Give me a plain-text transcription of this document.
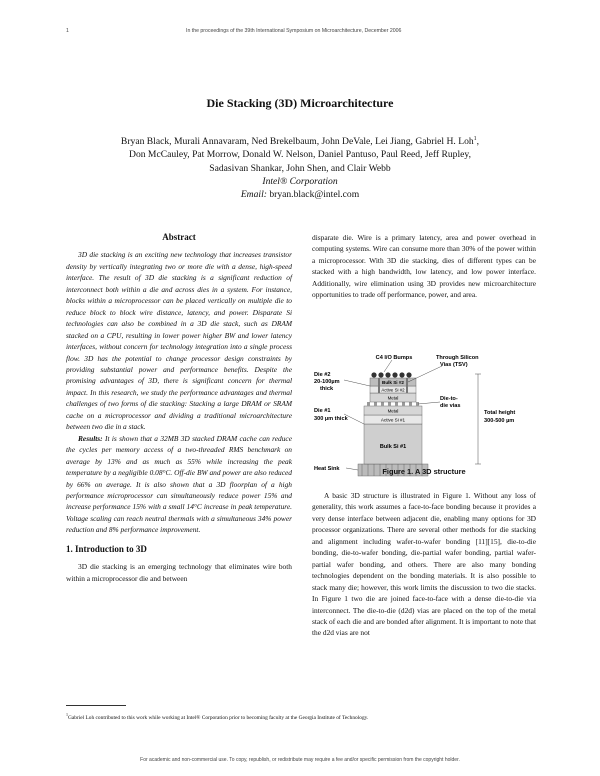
1	In the proceedings of the 39th International Symposium on Microarchitecture, December 2006
Die Stacking (3D) Microarchitecture
Bryan Black, Murali Annavaram, Ned Brekelbaum, John DeVale, Lei Jiang, Gabriel H. Loh$^1$,
Don McCauley, Pat Morrow, Donald W. Nelson, Daniel Pantuso, Paul Reed, Jeff Rupley,
Sadasivan Shankar, John Shen, and Clair Webb
Intel® Corporation
Email: bryan.black@intel.com
Abstract

3D die stacking is an exciting new technology that increases transistor density by vertically integrating two or more die with a dense, high-speed interface. The result of 3D die stacking is a significant reduction of interconnect both within a die and across dies in a system. For instance, blocks within a microprocessor can be placed vertically on multiple die to reduce block to block wire distance, latency, and power. Disparate Si technologies can also be combined in a 3D die stack, such as DRAM stacked on a CPU, resulting in lower power higher BW and lower latency interfaces, without concern for technology integration into a single process flow. 3D has the potential to change processor design constraints by providing substantial power and performance benefits. Despite the promising advantages of 3D, there is significant concern for thermal impact. In this research, we study the performance advantages and thermal challenges of two forms of die stacking: Stacking a large DRAM or SRAM cache on a microprocessor and dividing a traditional microarchitecture between two die in a stack.

Results: It is shown that a 32MB 3D stacked DRAM cache can reduce the cycles per memory access of a two-threaded RMS benchmark on average by 13% and as much as 55% while increasing the peak temperature by a negligible 0.08°C. Off-die BW and power are also reduced by 66% on average. It is also shown that a 3D floorplan of a high performance microprocessor can simultaneously reduce power 15% and increase performance 15% with a small 14°C increase in peak temperature. Voltage scaling can reach neutral thermals with a simultaneous 34% power reduction and 8% performance improvement.

1. Introduction to 3D

3D die stacking is an emerging technology that eliminates wire both within a microprocessor die and between

disparate die. Wire is a primary latency, area and power overhead in computing systems. Wire can consume more than 30% of the power within a microprocessor. With 3D die stacking, dies of different types can be stacked with a high bandwidth, low latency, and low power interface. Additionally, wire elimination using 3D provides new microarchitecture opportunities to trade off performance, power, and area.

Bulk Si #1
Active Si #1
Metal
Metal
Active Si #2
Bulk Si #2
C4 I/O Bumps	Through Silicon
Vias (TSV)
Die #2
20-100µm
thick
Die #1
300 µm thick
Heat Sink
Die-to-
die vias
Total height
300-500 µm
Figure 1. A 3D structure

A basic 3D structure is illustrated in Figure 1. Without any loss of generality, this work assumes a face-to-face bonding because it provides a very dense interface between adjacent die, enabling many options for 3D processor organizations. There are several other methods for die stacking and alignment including wafer-to-wafer bonding [11][15], die-to-die bonding, die-to-wafer bonding, die-partial wafer bonding, partial wafer-partial wafer bonding, and others. There are also many bonding technologies dependent on the bonding materials. It is also possible to stack many die; however, this work limits the discussion to two die stacks. In Figure 1 two die are joined face-to-face with a dense die-to-die via interconnect. The die-to-die (d2d) vias are placed on the top of the metal stack of each die and are bonded after alignment. It is important to note that the d2d vias are not

$^1$Gabriel Loh contributed to this work while working at Intel® Corporation prior to becoming faculty at the Georgia Institute of Technology.
For academic and non-commercial use. To copy, republish, or redistribute may require a fee and/or specific permission from the copyright holder.
